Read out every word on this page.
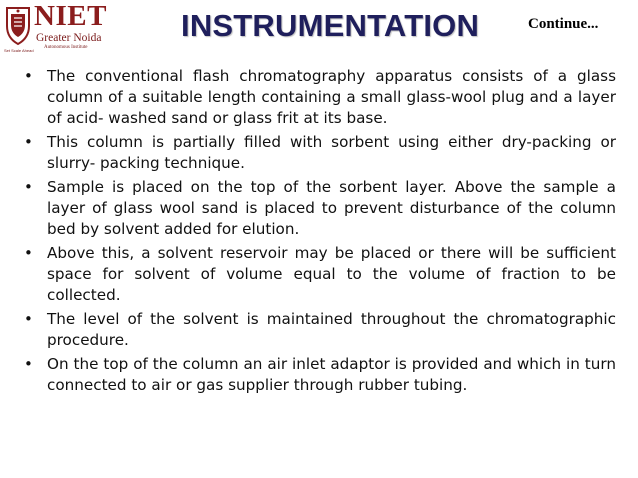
NIET
Greater Noida
Autonomous Institute
Set Scale Ahead
INSTRUMENTATION	Continue...
• The conventional flash chromatography apparatus consists of a glass column of a suitable length containing a small glass-wool plug and a layer of acid- washed sand or glass frit at its base.
• This column is partially filled with sorbent using either dry-packing or slurry- packing technique.
• Sample is placed on the top of the sorbent layer. Above the sample a layer of glass wool sand is placed to prevent disturbance of the column bed by solvent added for elution.
• Above this, a solvent reservoir may be placed or there will be sufficient space for solvent of volume equal to the volume of fraction to be collected.
• The level of the solvent is maintained throughout the chromatographic procedure.
• On the top of the column an air inlet adaptor is provided and which in turn connected to air or gas supplier through rubber tubing.
